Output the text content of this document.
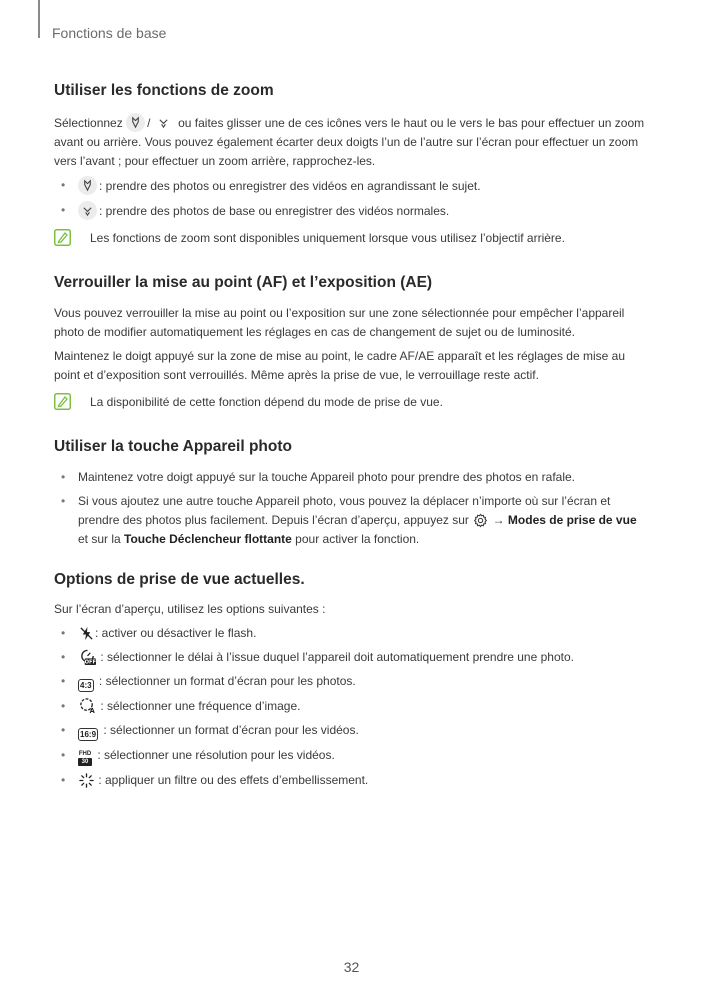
Fonctions de base
Utiliser les fonctions de zoom

Sélectionnez / ou faites glisser une de ces icônes vers le haut ou le vers le bas pour effectuer un zoom avant ou arrière. Vous pouvez également écarter deux doigts l’un de l’autre sur l’écran pour effectuer un zoom vers l’avant ; pour effectuer un zoom arrière, rapprochez-les.

•	: prendre des photos ou enregistrer des vidéos en agrandissant le sujet.
•	: prendre des photos de base ou enregistrer des vidéos normales.
Les fonctions de zoom sont disponibles uniquement lorsque vous utilisez l’objectif arrière.
Verrouiller la mise au point (AF) et l’exposition (AE)

Vous pouvez verrouiller la mise au point ou l’exposition sur une zone sélectionnée pour empêcher l’appareil photo de modifier automatiquement les réglages en cas de changement de sujet ou de luminosité.

Maintenez le doigt appuyé sur la zone de mise au point, le cadre AF/AE apparaît et les réglages de mise au point et d’exposition sont verrouillés. Même après la prise de vue, le verrouillage reste actif.

La disponibilité de cette fonction dépend du mode de prise de vue.
Utiliser la touche Appareil photo
• Maintenez votre doigt appuyé sur la touche Appareil photo pour prendre des photos en rafale.
• Si vous ajoutez une autre touche Appareil photo, vous pouvez la déplacer n’importe où sur l’écran et prendre des photos plus facilement. Depuis l’écran d’aperçu, appuyez sur  → Modes de prise de vue
et sur la Touche Déclencheur flottante pour activer la fonction.
Options de prise de vue actuelles.

Sur l’écran d’aperçu, utilisez les options suivantes :

• : activer ou désactiver le flash.
•	OFF : sélectionner le délai à l’issue duquel l’appareil doit automatiquement prendre une photo.
• 4:3 : sélectionner un format d’écran pour les photos.
•	A : sélectionner une fréquence d’image.
• 16:9 : sélectionner un format d’écran pour les vidéos.
• FHD
30 : sélectionner une résolution pour les vidéos.
• : appliquer un filtre ou des effets d’embellissement.
32
